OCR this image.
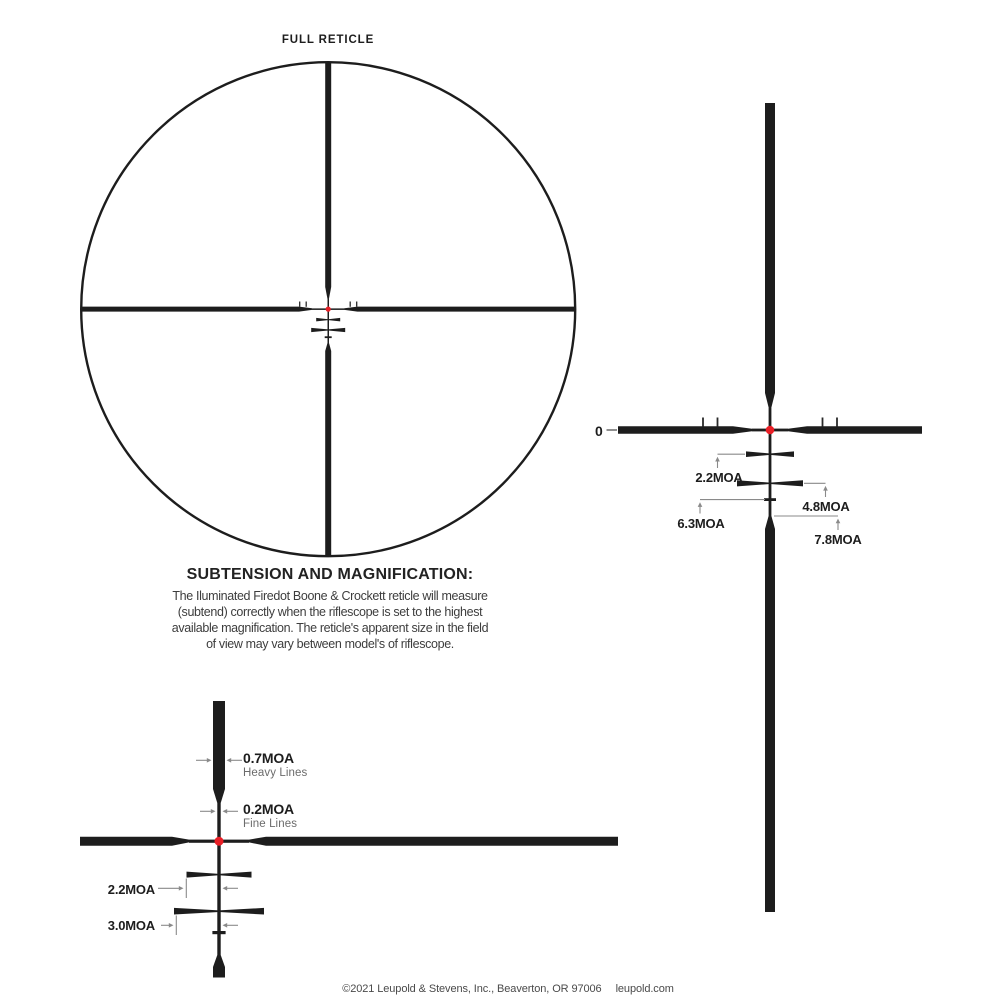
FULL RETICLE
SUBTENSION AND MAGNIFICATION:
The Iluminated Firedot Boone & Crockett reticle will measure
(subtend) correctly when the riflescope is set to the highest
available magnification. The reticle's apparent size in the field
of view may vary between model's of riflescope.
0
2.2MOA
4.8MOA
6.3MOA
7.8MOA
0.7MOA
Heavy Lines
0.2MOA
Fine Lines
2.2MOA
3.0MOA
©2021 Leupold & Stevens, Inc., Beaverton, OR 97006 leupold.com
